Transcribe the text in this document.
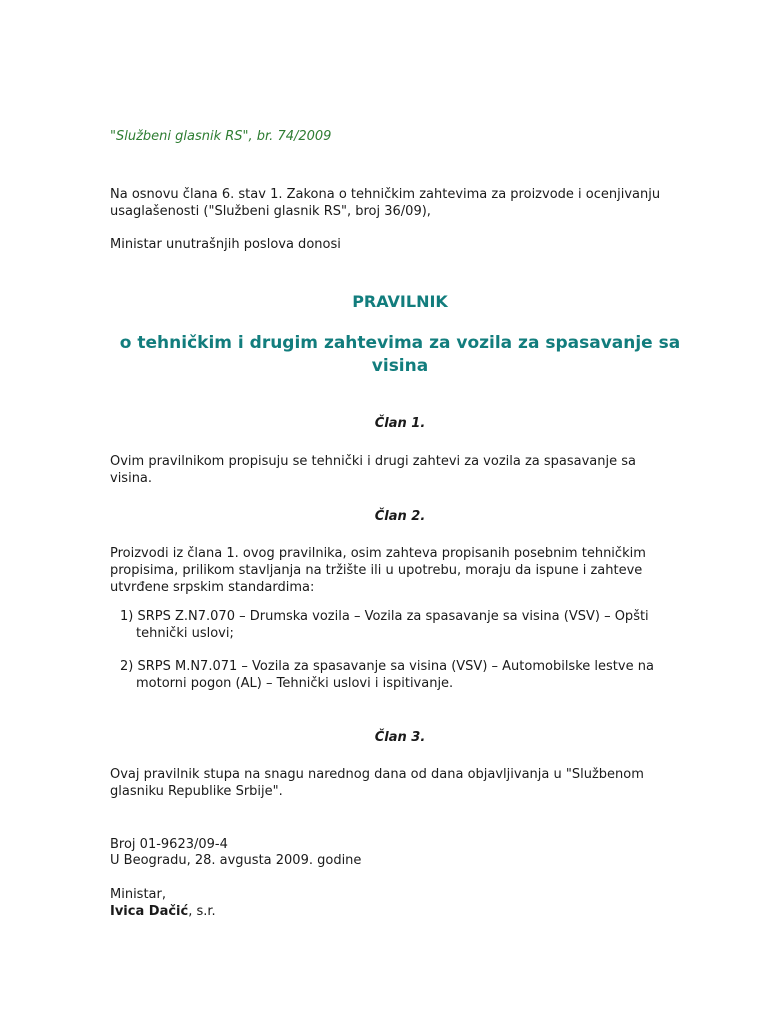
"Službeni glasnik RS", br. 74/2009

Na osnovu člana 6. stav 1. Zakona o tehničkim zahtevima za proizvode i ocenjivanju usaglašenosti ("Službeni glasnik RS", broj 36/09),

Ministar unutrašnjih poslova donosi

PRAVILNIK
o tehničkim i drugim zahtevima za vozila za spasavanje sa visina

Član 1.

Ovim pravilnikom propisuju se tehnički i drugi zahtevi za vozila za spasavanje sa visina.

Član 2.

Proizvodi iz člana 1. ovog pravilnika, osim zahteva propisanih posebnim tehničkim propisima, prilikom stavljanja na tržište ili u upotrebu, moraju da ispune i zahteve utvrđene srpskim standardima:

1) SRPS Z.N7.070 – Drumska vozila – Vozila za spasavanje sa visina (VSV) – Opšti tehnički uslovi;

2) SRPS M.N7.071 – Vozila za spasavanje sa visina (VSV) – Automobilske lestve na motorni pogon (AL) – Tehnički uslovi i ispitivanje.

Član 3.

Ovaj pravilnik stupa na snagu narednog dana od dana objavljivanja u "Službenom glasniku Republike Srbije".

Broj 01-9623/09-4

U Beogradu, 28. avgusta 2009. godine

Ministar,

Ivica Dačić, s.r.
